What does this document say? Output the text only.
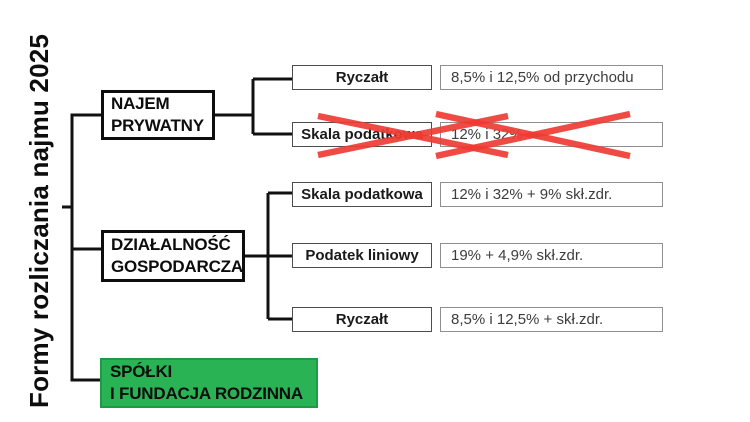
Formy rozliczania najmu 2025	NAJEM
PRYWATNY
DZIAŁALNOŚĆ
GOSPODARCZA
SPÓŁKI
I FUNDACJA RODZINNA
Ryczałt	8,5% i 12,5% od przychodu
Skala podatkowa	12% i 32%
Skala podatkowa	12% i 32% + 9% skł.zdr.
Podatek liniowy	19% + 4,9% skł.zdr.
Ryczałt	8,5% i 12,5% + skł.zdr.
